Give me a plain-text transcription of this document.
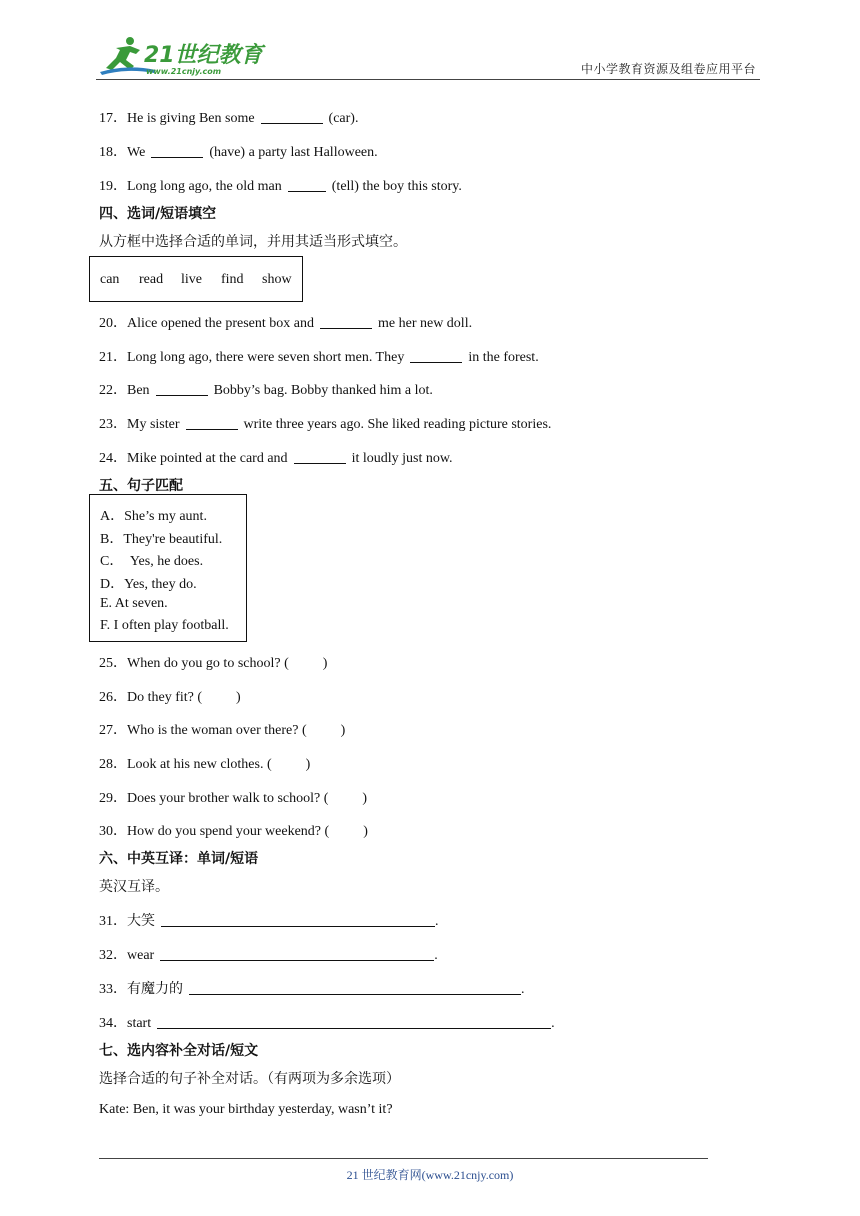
21世纪教育
www.21cnjy.com	中小学教育资源及组卷应用平台
17．He is giving Ben some	(car).
18．We	(have) a party last Halloween.
19．Long long ago, the old man	(tell) the boy this story.
四、选词/短语填空
从方框中选择合适的单词，并用其适当形式填空。
can read live find show
20．Alice opened the present box and	me her new doll.
21．Long long ago, there were seven short men. They	in the forest.
22．Ben	Bobby’s bag. Bobby thanked him a lot.
23．My sister	write three years ago. She liked reading picture stories.
24．Mike pointed at the card and	it loudly just now.
五、句子匹配
A．She’s my aunt.
B．They're beautiful.
C．  Yes, he does.
D．Yes, they do.
E. At seven.
F. I often play football.
25．When do you go to school? ( )
26．Do they fit? ( )
27．Who is the woman over there? ( )
28．Look at his new clothes. ( )
29．Does your brother walk to school? ( )
30．How do you spend your weekend? ( )
六、中英互译：单词/短语
英汉互译。
31．大笑	.
32．wear	.
33．有魔力的	.
34．start	.
七、选内容补全对话/短文
选择合适的句子补全对话。（有两项为多余选项）
Kate: Ben, it was your birthday yesterday, wasn’t it?
21 世纪教育网(www.21cnjy.com)
